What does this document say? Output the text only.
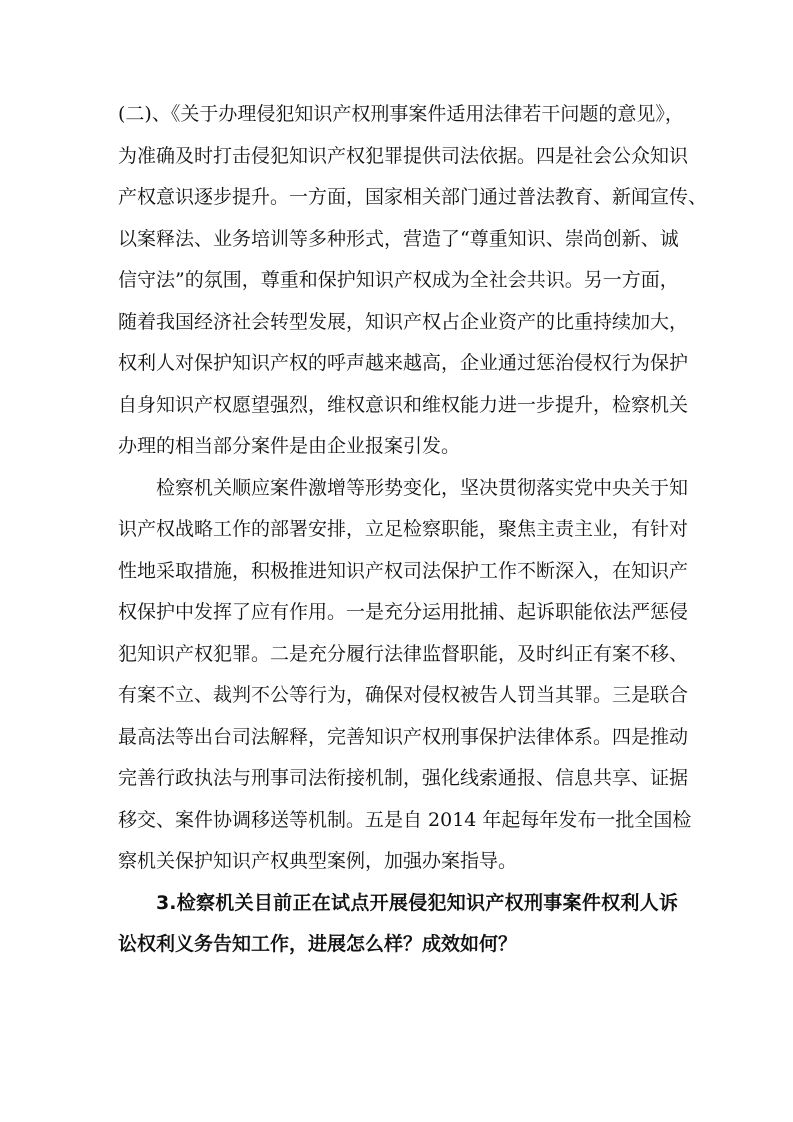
(二)、《关于办理侵犯知识产权刑事案件适用法律若干问题的意见》，
为准确及时打击侵犯知识产权犯罪提供司法依据。四是社会公众知识
产权意识逐步提升。一方面，国家相关部门通过普法教育、新闻宣传、
以案释法、业务培训等多种形式，营造了“尊重知识、崇尚创新、诚
信守法”的氛围，尊重和保护知识产权成为全社会共识。另一方面，
随着我国经济社会转型发展，知识产权占企业资产的比重持续加大，
权利人对保护知识产权的呼声越来越高，企业通过惩治侵权行为保护
自身知识产权愿望强烈，维权意识和维权能力进一步提升，检察机关
办理的相当部分案件是由企业报案引发。
检察机关顺应案件激增等形势变化，坚决贯彻落实党中央关于知
识产权战略工作的部署安排，立足检察职能，聚焦主责主业，有针对
性地采取措施，积极推进知识产权司法保护工作不断深入，在知识产
权保护中发挥了应有作用。一是充分运用批捕、起诉职能依法严惩侵
犯知识产权犯罪。二是充分履行法律监督职能，及时纠正有案不移、
有案不立、裁判不公等行为，确保对侵权被告人罚当其罪。三是联合
最高法等出台司法解释，完善知识产权刑事保护法律体系。四是推动
完善行政执法与刑事司法衔接机制，强化线索通报、信息共享、证据
移交、案件协调移送等机制。五是自 2014 年起每年发布一批全国检
察机关保护知识产权典型案例，加强办案指导。
3.检察机关目前正在试点开展侵犯知识产权刑事案件权利人诉
讼权利义务告知工作，进展怎么样？成效如何？
